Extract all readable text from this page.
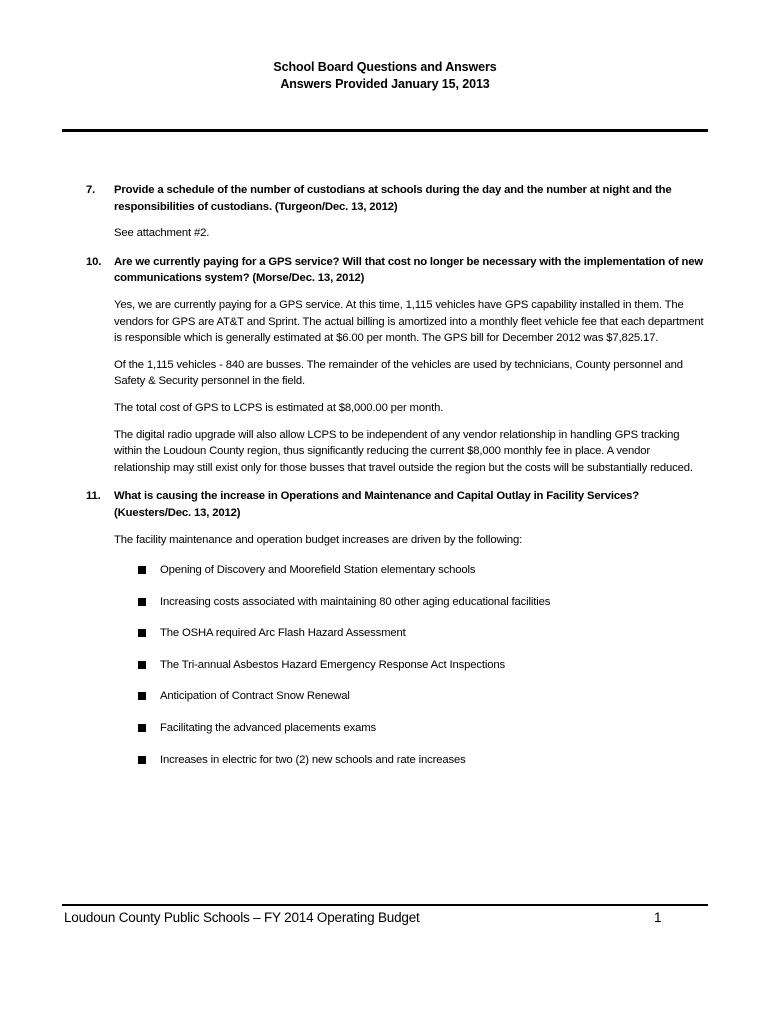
School Board Questions and Answers
Answers Provided January 15, 2013
7.	Provide a schedule of the number of custodians at schools during the day and the number at night and the responsibilities of custodians. (Turgeon/Dec. 13, 2012)
See attachment #2.
10.	Are we currently paying for a GPS service? Will that cost no longer be necessary with the implementation of new communications system? (Morse/Dec. 13, 2012)
Yes, we are currently paying for a GPS service. At this time, 1,115 vehicles have GPS capability installed in them. The vendors for GPS are AT&T and Sprint. The actual billing is amortized into a monthly fleet vehicle fee that each department is responsible which is generally estimated at $6.00 per month. The GPS bill for December 2012 was $7,825.17.
Of the 1,115 vehicles - 840 are busses. The remainder of the vehicles are used by technicians, County personnel and Safety & Security personnel in the field.
The total cost of GPS to LCPS is estimated at $8,000.00 per month.
The digital radio upgrade will also allow LCPS to be independent of any vendor relationship in handling GPS tracking within the Loudoun County region, thus significantly reducing the current $8,000 monthly fee in place. A vendor relationship may still exist only for those busses that travel outside the region but the costs will be substantially reduced.
11.	What is causing the increase in Operations and Maintenance and Capital Outlay in Facility Services? (Kuesters/Dec. 13, 2012)
The facility maintenance and operation budget increases are driven by the following:
Opening of Discovery and Moorefield Station elementary schools
Increasing costs associated with maintaining 80 other aging educational facilities
The OSHA required Arc Flash Hazard Assessment
The Tri-annual Asbestos Hazard Emergency Response Act Inspections
Anticipation of Contract Snow Renewal
Facilitating the advanced placements exams
Increases in electric for two (2) new schools and rate increases
Loudoun County Public Schools – FY 2014 Operating Budget	1
